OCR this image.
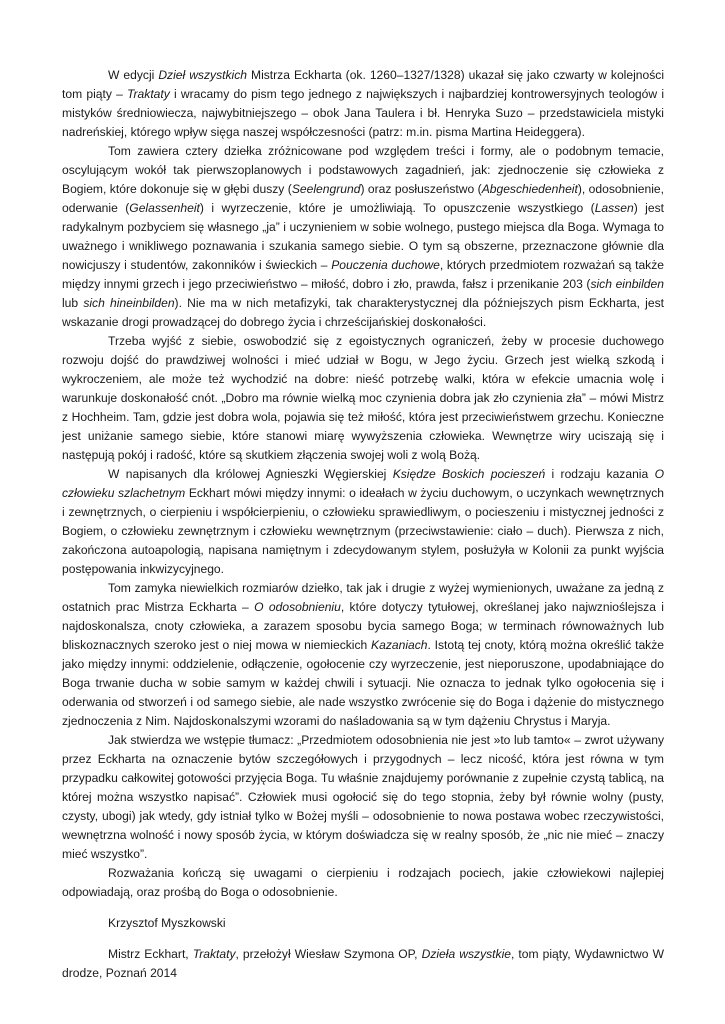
W edycji Dzieł wszystkich Mistrza Eckharta (ok. 1260–1327/1328) ukazał się jako czwarty w kolejności tom piąty – Traktaty i wracamy do pism tego jednego z największych i najbardziej kontrowersyjnych teologów i mistyków średniowiecza, najwybitniejszego – obok Jana Taulera i bł. Henryka Suzo – przedstawiciela mistyki nadreńskiej, którego wpływ sięga naszej współczesności (patrz: m.in. pisma Martina Heideggera).

Tom zawiera cztery dziełka zróżnicowane pod względem treści i formy, ale o podobnym temacie, oscylującym wokół tak pierwszoplanowych i podstawowych zagadnień, jak: zjednoczenie się człowieka z Bogiem, które dokonuje się w głębi duszy (Seelengrund) oraz posłuszeństwo (Abgeschiedenheit), odosobnienie, oderwanie (Gelassenheit) i wyrzeczenie, które je umożliwiają. To opuszczenie wszystkiego (Lassen) jest radykalnym pozbyciem się własnego „ja” i uczynieniem w sobie wolnego, pustego miejsca dla Boga. Wymaga to uważnego i wnikliwego poznawania i szukania samego siebie. O tym są obszerne, przeznaczone głównie dla nowicjuszy i studentów, zakonników i świeckich – Pouczenia duchowe, których przedmiotem rozważań są także między innymi grzech i jego przeciwieństwo – miłość, dobro i zło, prawda, fałsz i przenikanie 203 (sich einbilden lub sich hineinbilden). Nie ma w nich metafizyki, tak charakterystycznej dla późniejszych pism Eckharta, jest wskazanie drogi prowadzącej do dobrego życia i chrześcijańskiej doskonałości.

Trzeba wyjść z siebie, oswobodzić się z egoistycznych ograniczeń, żeby w procesie duchowego rozwoju dojść do prawdziwej wolności i mieć udział w Bogu, w Jego życiu. Grzech jest wielką szkodą i wykroczeniem, ale może też wychodzić na dobre: nieść potrzebę walki, która w efekcie umacnia wolę i warunkuje doskonałość cnót. „Dobro ma równie wielką moc czynienia dobra jak zło czynienia zła” – mówi Mistrz z Hochheim. Tam, gdzie jest dobra wola, pojawia się też miłość, która jest przeciwieństwem grzechu. Konieczne jest uniżanie samego siebie, które stanowi miarę wywyższenia człowieka. Wewnętrze wiry uciszają się i następują pokój i radość, które są skutkiem złączenia swojej woli z wolą Bożą.

W napisanych dla królowej Agnieszki Węgierskiej Księdze Boskich pocieszeń i rodzaju kazania O człowieku szlachetnym Eckhart mówi między innymi: o ideałach w życiu duchowym, o uczynkach wewnętrznych i zewnętrznych, o cierpieniu i współcierpieniu, o człowieku sprawiedliwym, o pocieszeniu i mistycznej jedności z Bogiem, o człowieku zewnętrznym i człowieku wewnętrznym (przeciwstawienie: ciało – duch). Pierwsza z nich, zakończona autoapologią, napisana namiętnym i zdecydowanym stylem, posłużyła w Kolonii za punkt wyjścia postępowania inkwizycyjnego.

Tom zamyka niewielkich rozmiarów dziełko, tak jak i drugie z wyżej wymienionych, uważane za jedną z ostatnich prac Mistrza Eckharta – O odosobnieniu, które dotyczy tytułowej, określanej jako najwznioślejsza i najdoskonalsza, cnoty człowieka, a zarazem sposobu bycia samego Boga; w terminach równoważnych lub bliskoznacznych szeroko jest o niej mowa w niemieckich Kazaniach. Istotą tej cnoty, którą można określić także jako między innymi: oddzielenie, odłączenie, ogołocenie czy wyrzeczenie, jest nieporuszone, upodabniające do Boga trwanie ducha w sobie samym w każdej chwili i sytuacji. Nie oznacza to jednak tylko ogołocenia się i oderwania od stworzeń i od samego siebie, ale nade wszystko zwrócenie się do Boga i dążenie do mistycznego zjednoczenia z Nim. Najdoskonalszymi wzorami do naśladowania są w tym dążeniu Chrystus i Maryja.

Jak stwierdza we wstępie tłumacz: „Przedmiotem odosobnienia nie jest »to lub tamto« – zwrot używany przez Eckharta na oznaczenie bytów szczegółowych i przygodnych – lecz nicość, która jest równa w tym przypadku całkowitej gotowości przyjęcia Boga. Tu właśnie znajdujemy porównanie z zupełnie czystą tablicą, na której można wszystko napisać”. Człowiek musi ogołocić się do tego stopnia, żeby był równie wolny (pusty, czysty, ubogi) jak wtedy, gdy istniał tylko w Bożej myśli – odosobnienie to nowa postawa wobec rzeczywistości, wewnętrzna wolność i nowy sposób życia, w którym doświadcza się w realny sposób, że „nic nie mieć – znaczy mieć wszystko”.

Rozważania kończą się uwagami o cierpieniu i rodzajach pociech, jakie człowiekowi najlepiej odpowiadają, oraz prośbą do Boga o odosobnienie.

Krzysztof Myszkowski

Mistrz Eckhart, Traktaty, przełożył Wiesław Szymona OP, Dzieła wszystkie, tom piąty, Wydawnictwo W drodze, Poznań 2014
